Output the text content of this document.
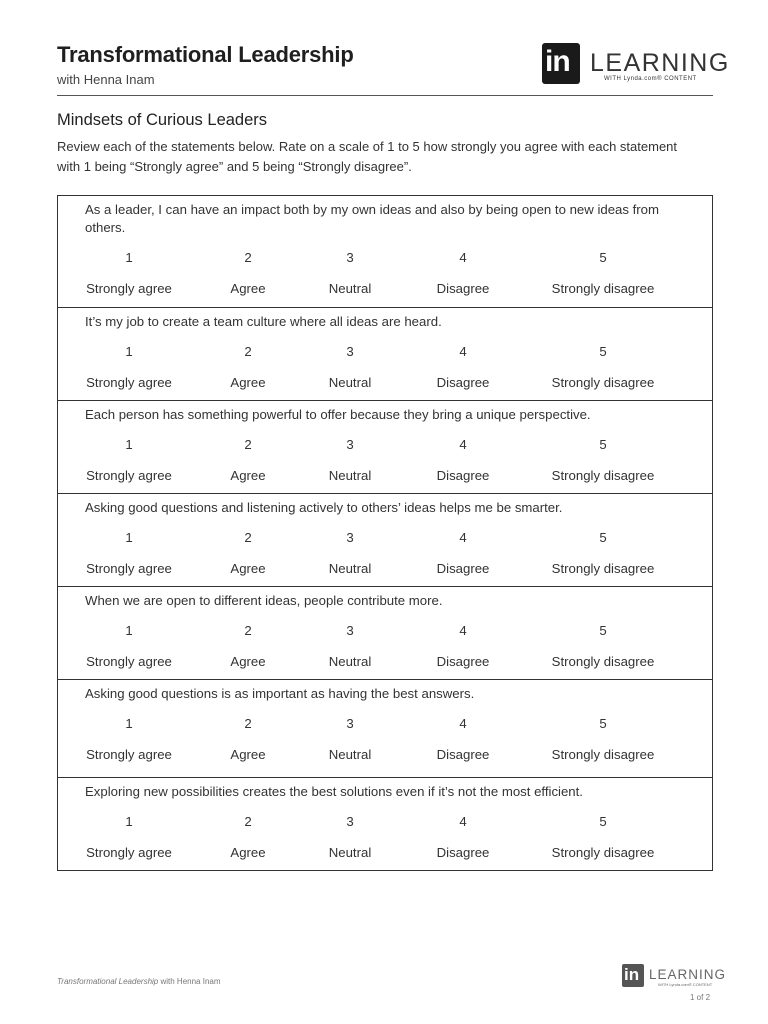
Transformational Leadership
with Henna Inam
in LEARNING
WITH Lynda.com® CONTENT
Mindsets of Curious Leaders
Review each of the statements below. Rate on a scale of 1 to 5 how strongly you agree with each statement with 1 being “Strongly agree” and 5 being “Strongly disagree”.
As a leader, I can have an impact both by my own ideas and also by being open to new ideas from others.
1	2	3	4	5
Strongly agree	Agree	Neutral	Disagree	Strongly disagree
It’s my job to create a team culture where all ideas are heard.
1	2	3	4	5
Strongly agree	Agree	Neutral	Disagree	Strongly disagree
Each person has something powerful to offer because they bring a unique perspective.
1	2	3	4	5
Strongly agree	Agree	Neutral	Disagree	Strongly disagree
Asking good questions and listening actively to others’ ideas helps me be smarter.
1	2	3	4	5
Strongly agree	Agree	Neutral	Disagree	Strongly disagree
When we are open to different ideas, people contribute more.
1	2	3	4	5
Strongly agree	Agree	Neutral	Disagree	Strongly disagree
Asking good questions is as important as having the best answers.
1	2	3	4	5
Strongly agree	Agree	Neutral	Disagree	Strongly disagree
Exploring new possibilities creates the best solutions even if it’s not the most efficient.
1	2	3	4	5
Strongly agree	Agree	Neutral	Disagree	Strongly disagree
Transformational Leadership with Henna Inam	in LEARNING
WITH Lynda.com® CONTENT
1 of 2
